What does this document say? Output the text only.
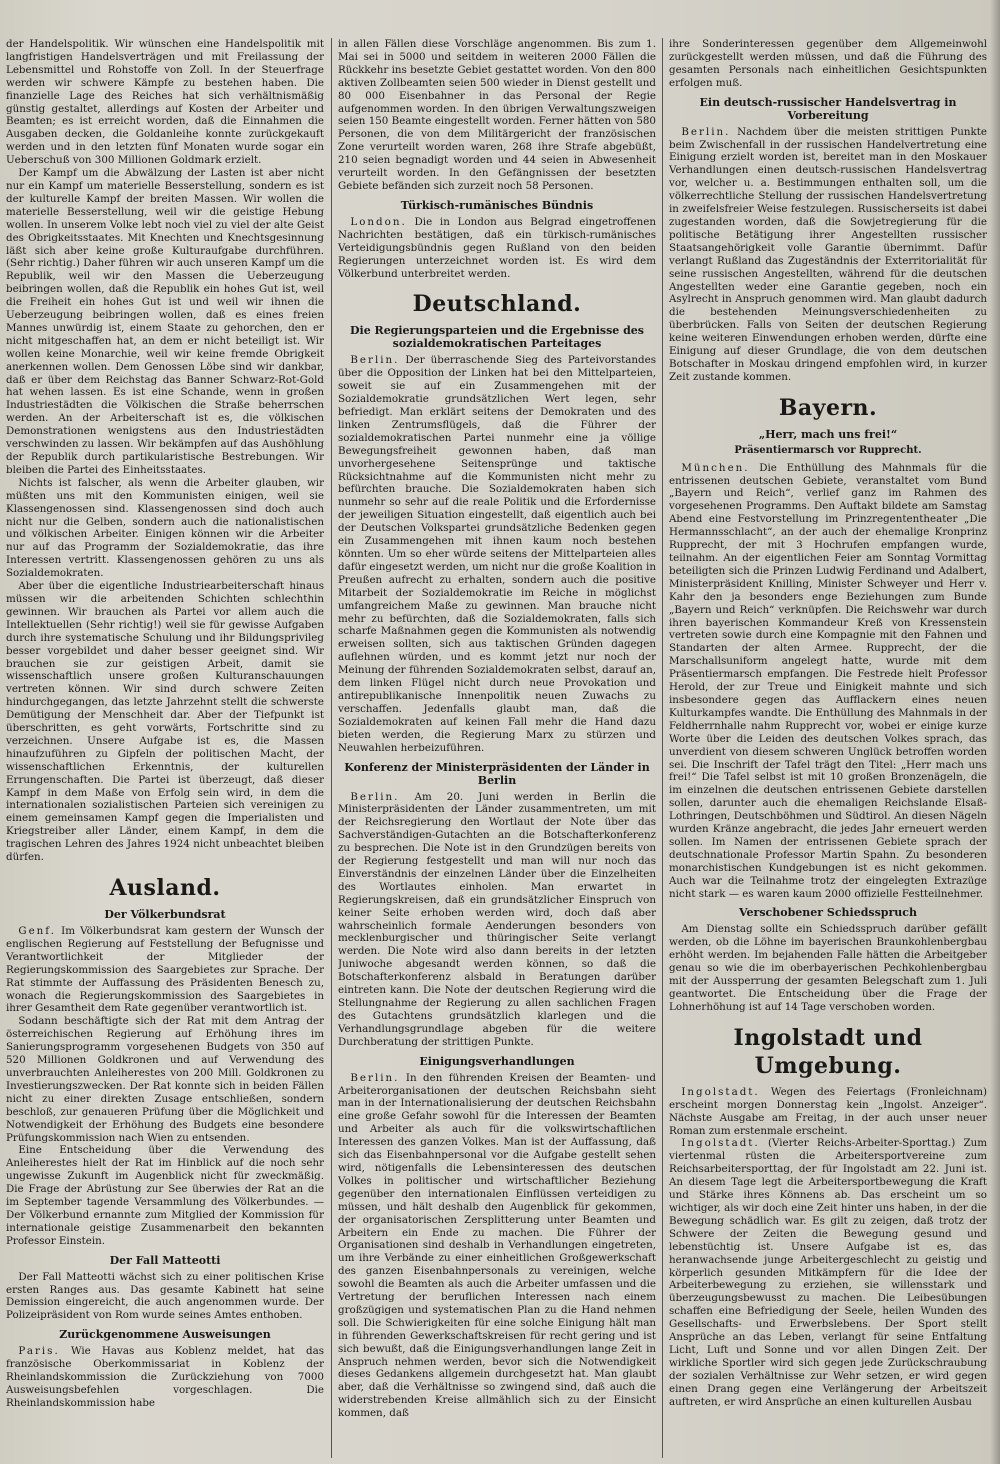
der Handelspolitik. Wir wünschen eine Handelspolitik mit langfristigen Handelsverträgen und mit Freilassung der Lebensmittel und Rohstoffe von Zoll. In der Steuerfrage werden wir schwere Kämpfe zu bestehen haben. Die finanzielle Lage des Reiches hat sich verhältnismäßig günstig gestaltet, allerdings auf Kosten der Arbeiter und Beamten; es ist erreicht worden, daß die Einnahmen die Ausgaben decken, die Goldanleihe konnte zurückgekauft werden und in den letzten fünf Monaten wurde sogar ein Ueberschuß von 300 Millionen Goldmark erzielt.

Der Kampf um die Abwälzung der Lasten ist aber nicht nur ein Kampf um materielle Besserstellung, sondern es ist der kulturelle Kampf der breiten Massen. Wir wollen die materielle Besserstellung, weil wir die geistige Hebung wollen. In unserem Volke lebt noch viel zu viel der alte Geist des Obrigkeitsstaates. Mit Knechten und Knechtsgesinnung läßt sich aber keine große Kulturaufgabe durchführen. (Sehr richtig.) Daher führen wir auch unseren Kampf um die Republik, weil wir den Massen die Ueberzeugung beibringen wollen, daß die Republik ein hohes Gut ist, weil die Freiheit ein hohes Gut ist und weil wir ihnen die Ueberzeugung beibringen wollen, daß es eines freien Mannes unwürdig ist, einem Staate zu gehorchen, den er nicht mitgeschaffen hat, an dem er nicht beteiligt ist. Wir wollen keine Monarchie, weil wir keine fremde Obrigkeit anerkennen wollen. Dem Genossen Löbe sind wir dankbar, daß er über dem Reichstag das Banner Schwarz-Rot-Gold hat wehen lassen. Es ist eine Schande, wenn in großen Industriestädten die Völkischen die Straße beherrschen werden. An der Arbeiterschaft ist es, die völkischen Demonstrationen wenigstens aus den Industriestädten verschwinden zu lassen. Wir bekämpfen auf das Aushöhlung der Republik durch partikularistische Bestrebungen. Wir bleiben die Partei des Einheitsstaates.

Nichts ist falscher, als wenn die Arbeiter glauben, wir müßten uns mit den Kommunisten einigen, weil sie Klassengenossen sind. Klassengenossen sind doch auch nicht nur die Gelben, sondern auch die nationalistischen und völkischen Arbeiter. Einigen können wir die Arbeiter nur auf das Programm der Sozialdemokratie, das ihre Interessen vertritt. Klassengenossen gehören zu uns als Sozialdemokraten.

Aber über die eigentliche Industriearbeiterschaft hinaus müssen wir die arbeitenden Schichten schlechthin gewinnen. Wir brauchen als Partei vor allem auch die Intellektuellen (Sehr richtig!) weil sie für gewisse Aufgaben durch ihre systematische Schulung und ihr Bildungsprivileg besser vorgebildet und daher besser geeignet sind. Wir brauchen sie zur geistigen Arbeit, damit sie wissenschaftlich unsere großen Kulturanschauungen vertreten können. Wir sind durch schwere Zeiten hindurchgegangen, das letzte Jahrzehnt stellt die schwerste Demütigung der Menschheit dar. Aber der Tiefpunkt ist überschritten, es geht vorwärts, Fortschritte sind zu verzeichnen. Unsere Aufgabe ist es, die Massen hinaufzuführen zu Gipfeln der politischen Macht, der wissenschaftlichen Erkenntnis, der kulturellen Errungenschaften. Die Partei ist überzeugt, daß dieser Kampf in dem Maße von Erfolg sein wird, in dem die internationalen sozialistischen Parteien sich vereinigen zu einem gemeinsamen Kampf gegen die Imperialisten und Kriegstreiber aller Länder, einem Kampf, in dem die tragischen Lehren des Jahres 1924 nicht unbeachtet bleiben dürfen.

Ausland.
Der Völkerbundsrat

Genf. Im Völkerbundsrat kam gestern der Wunsch der englischen Regierung auf Feststellung der Befugnisse und Verantwortlichkeit der Mitglieder der Regierungskommission des Saargebietes zur Sprache. Der Rat stimmte der Auffassung des Präsidenten Benesch zu, wonach die Regierungskommission des Saargebietes in ihrer Gesamtheit dem Rate gegenüber verantwortlich ist.

Sodann beschäftigte sich der Rat mit dem Antrag der österreichischen Regierung auf Erhöhung ihres im Sanierungsprogramm vorgesehenen Budgets von 350 auf 520 Millionen Goldkronen und auf Verwendung des unverbrauchten Anleiherestes von 200 Mill. Goldkronen zu Investierungszwecken. Der Rat konnte sich in beiden Fällen nicht zu einer direkten Zusage entschließen, sondern beschloß, zur genaueren Prüfung über die Möglichkeit und Notwendigkeit der Erhöhung des Budgets eine besondere Prüfungskommission nach Wien zu entsenden.

Eine Entscheidung über die Verwendung des Anleiherestes hielt der Rat im Hinblick auf die noch sehr ungewisse Zukunft im Augenblick nicht für zweckmäßig. Die Frage der Abrüstung zur See überwies der Rat an die im September tagende Versammlung des Völkerbundes. — Der Völkerbund ernannte zum Mitglied der Kommission für internationale geistige Zusammenarbeit den bekannten Professor Einstein.

Der Fall Matteotti

Der Fall Matteotti wächst sich zu einer politischen Krise ersten Ranges aus. Das gesamte Kabinett hat seine Demission eingereicht, die auch angenommen wurde. Der Polizeipräsident von Rom wurde seines Amtes enthoben.

Zurückgenommene Ausweisungen

Paris. Wie Havas aus Koblenz meldet, hat das französische Oberkommissariat in Koblenz der Rheinlandskommission die Zurückziehung von 7000 Ausweisungsbefehlen vorgeschlagen. Die Rheinlandskommission habe

in allen Fällen diese Vorschläge angenommen. Bis zum 1. Mai sei in 5000 und seitdem in weiteren 2000 Fällen die Rückkehr ins besetzte Gebiet gestattet worden. Von den 800 aktiven Zollbeamten seien 500 wieder in Dienst gestellt und 80 000 Eisenbahner in das Personal der Regie aufgenommen worden. In den übrigen Verwaltungszweigen seien 150 Beamte eingestellt worden. Ferner hätten von 580 Personen, die von dem Militärgericht der französischen Zone verurteilt worden waren, 268 ihre Strafe abgebüßt, 210 seien begnadigt worden und 44 seien in Abwesenheit verurteilt worden. In den Gefängnissen der besetzten Gebiete befänden sich zurzeit noch 58 Personen.

Türkisch-rumänisches Bündnis

London. Die in London aus Belgrad eingetroffenen Nachrichten bestätigen, daß ein türkisch-rumänisches Verteidigungsbündnis gegen Rußland von den beiden Regierungen unterzeichnet worden ist. Es wird dem Völkerbund unterbreitet werden.

Deutschland.
Die Regierungsparteien und die Ergebnisse des sozialdemokratischen Parteitages

Berlin. Der überraschende Sieg des Parteivorstandes über die Opposition der Linken hat bei den Mittelparteien, soweit sie auf ein Zusammengehen mit der Sozialdemokratie grundsätzlichen Wert legen, sehr befriedigt. Man erklärt seitens der Demokraten und des linken Zentrumsflügels, daß die Führer der sozialdemokratischen Partei nunmehr eine ja völlige Bewegungsfreiheit gewonnen haben, daß man unvorhergesehene Seitensprünge und taktische Rücksichtnahme auf die Kommunisten nicht mehr zu befürchten brauche. Die Sozialdemokraten haben sich nunmehr so sehr auf die reale Politik und die Erfordernisse der jeweiligen Situation eingestellt, daß eigentlich auch bei der Deutschen Volkspartei grundsätzliche Bedenken gegen ein Zusammengehen mit ihnen kaum noch bestehen könnten. Um so eher würde seitens der Mittelparteien alles dafür eingesetzt werden, um nicht nur die große Koalition in Preußen aufrecht zu erhalten, sondern auch die positive Mitarbeit der Sozialdemokratie im Reiche in möglichst umfangreichem Maße zu gewinnen. Man brauche nicht mehr zu befürchten, daß die Sozialdemokraten, falls sich scharfe Maßnahmen gegen die Kommunisten als notwendig erweisen sollten, sich aus taktischen Gründen dagegen auflehnen würden, und es kommt jetzt nur noch der Meinung der führenden Sozialdemokraten selbst, darauf an, dem linken Flügel nicht durch neue Provokation und antirepublikanische Innenpolitik neuen Zuwachs zu verschaffen. Jedenfalls glaubt man, daß die Sozialdemokraten auf keinen Fall mehr die Hand dazu bieten werden, die Regierung Marx zu stürzen und Neuwahlen herbeizuführen.

Konferenz der Ministerpräsidenten der Länder in Berlin

Berlin. Am 20. Juni werden in Berlin die Ministerpräsidenten der Länder zusammentreten, um mit der Reichsregierung den Wortlaut der Note über das Sachverständigen-Gutachten an die Botschafterkonferenz zu besprechen. Die Note ist in den Grundzügen bereits von der Regierung festgestellt und man will nur noch das Einverständnis der einzelnen Länder über die Einzelheiten des Wortlautes einholen. Man erwartet in Regierungskreisen, daß ein grundsätzlicher Einspruch von keiner Seite erhoben werden wird, doch daß aber wahrscheinlich formale Aenderungen besonders von mecklenburgischer und thüringischer Seite verlangt werden. Die Note wird also dann bereits in der letzten Juniwoche abgesandt werden können, so daß die Botschafterkonferenz alsbald in Beratungen darüber eintreten kann. Die Note der deutschen Regierung wird die Stellungnahme der Regierung zu allen sachlichen Fragen des Gutachtens grundsätzlich klarlegen und die Verhandlungsgrundlage abgeben für die weitere Durchberatung der strittigen Punkte.

Einigungsverhandlungen

Berlin. In den führenden Kreisen der Beamten- und Arbeiterorganisationen der deutschen Reichsbahn sieht man in der Internationalisierung der deutschen Reichsbahn eine große Gefahr sowohl für die Interessen der Beamten und Arbeiter als auch für die volkswirtschaftlichen Interessen des ganzen Volkes. Man ist der Auffassung, daß sich das Eisenbahnpersonal vor die Aufgabe gestellt sehen wird, nötigenfalls die Lebensinteressen des deutschen Volkes in politischer und wirtschaftlicher Beziehung gegenüber den internationalen Einflüssen verteidigen zu müssen, und hält deshalb den Augenblick für gekommen, der organisatorischen Zersplitterung unter Beamten und Arbeitern ein Ende zu machen. Die Führer der Organisationen sind deshalb in Verhandlungen eingetreten, um ihre Verbände zu einer einheitlichen Großgewerkschaft des ganzen Eisenbahnpersonals zu vereinigen, welche sowohl die Beamten als auch die Arbeiter umfassen und die Vertretung der beruflichen Interessen nach einem großzügigen und systematischen Plan zu die Hand nehmen soll. Die Schwierigkeiten für eine solche Einigung hält man in führenden Gewerkschaftskreisen für recht gering und ist sich bewußt, daß die Einigungsverhandlungen lange Zeit in Anspruch nehmen werden, bevor sich die Notwendigkeit dieses Gedankens allgemein durchgesetzt hat. Man glaubt aber, daß die Verhältnisse so zwingend sind, daß auch die widerstrebenden Kreise allmählich sich zu der Einsicht kommen, daß

ihre Sonderinteressen gegenüber dem Allgemeinwohl zurückgestellt werden müssen, und daß die Führung des gesamten Personals nach einheitlichen Gesichtspunkten erfolgen muß.

Ein deutsch-russischer Handelsvertrag in Vorbereitung

Berlin. Nachdem über die meisten strittigen Punkte beim Zwischenfall in der russischen Handelvertretung eine Einigung erzielt worden ist, bereitet man in den Moskauer Verhandlungen einen deutsch-russischen Handelsvertrag vor, welcher u. a. Bestimmungen enthalten soll, um die völkerrechtliche Stellung der russischen Handelsvertretung in zweifelsfreier Weise festzulegen. Russischerseits ist dabei zugestanden worden, daß die Sowjetregierung für die politische Betätigung ihrer Angestellten russischer Staatsangehörigkeit volle Garantie übernimmt. Dafür verlangt Rußland das Zugeständnis der Exterritorialität für seine russischen Angestellten, während für die deutschen Angestellten weder eine Garantie gegeben, noch ein Asylrecht in Anspruch genommen wird. Man glaubt dadurch die bestehenden Meinungsverschiedenheiten zu überbrücken. Falls von Seiten der deutschen Regierung keine weiteren Einwendungen erhoben werden, dürfte eine Einigung auf dieser Grundlage, die von dem deutschen Botschafter in Moskau dringend empfohlen wird, in kurzer Zeit zustande kommen.

Bayern.
„Herr, mach uns frei!“
Präsentiermarsch vor Rupprecht.

München. Die Enthüllung des Mahnmals für die entrissenen deutschen Gebiete, veranstaltet vom Bund „Bayern und Reich“, verlief ganz im Rahmen des vorgesehenen Programms. Den Auftakt bildete am Samstag Abend eine Festvorstellung im Prinzregententheater „Die Hermannsschlacht“, an der auch der ehemalige Kronprinz Rupprecht, der mit 3 Hochrufen empfangen wurde, teilnahm. An der eigentlichen Feier am Sonntag Vormittag beteiligten sich die Prinzen Ludwig Ferdinand und Adalbert, Ministerpräsident Knilling, Minister Schweyer und Herr v. Kahr den ja besonders enge Beziehungen zum Bunde „Bayern und Reich“ verknüpfen. Die Reichswehr war durch ihren bayerischen Kommandeur Kreß von Kressenstein vertreten sowie durch eine Kompagnie mit den Fahnen und Standarten der alten Armee. Rupprecht, der die Marschallsuniform angelegt hatte, wurde mit dem Präsentiermarsch empfangen. Die Festrede hielt Professor Herold, der zur Treue und Einigkeit mahnte und sich insbesondere gegen das Aufflackern eines neuen Kulturkampfes wandte. Die Enthüllung des Mahnmals in der Feldherrnhalle nahm Rupprecht vor, wobei er einige kurze Worte über die Leiden des deutschen Volkes sprach, das unverdient von diesem schweren Unglück betroffen worden sei. Die Inschrift der Tafel trägt den Titel: „Herr mach uns frei!“ Die Tafel selbst ist mit 10 großen Bronzenägeln, die im einzelnen die deutschen entrissenen Gebiete darstellen sollen, darunter auch die ehemaligen Reichslande Elsaß-Lothringen, Deutschböhmen und Südtirol. An diesen Nägeln wurden Kränze angebracht, die jedes Jahr erneuert werden sollen. Im Namen der entrissenen Gebiete sprach der deutschnationale Professor Martin Spahn. Zu besonderen monarchistischen Kundgebungen ist es nicht gekommen. Auch war die Teilnahme trotz der eingelegten Extrazüge nicht stark — es waren kaum 2000 offizielle Festteilnehmer.

Verschobener Schiedsspruch

Am Dienstag sollte ein Schiedsspruch darüber gefällt werden, ob die Löhne im bayerischen Braunkohlenbergbau erhöht werden. Im bejahenden Falle hätten die Arbeitgeber genau so wie die im oberbayerischen Pechkohlenbergbau mit der Aussperrung der gesamten Belegschaft zum 1. Juli geantwortet. Die Entscheidung über die Frage der Lohnerhöhung ist auf 14 Tage verschoben worden.

Ingolstadt und Umgebung.

Ingolstadt. Wegen des Feiertags (Fronleichnam) erscheint morgen Donnerstag kein „Ingolst. Anzeiger“. Nächste Ausgabe am Freitag, in der auch unser neuer Roman zum erstenmale erscheint.

Ingolstadt. (Vierter Reichs-Arbeiter-Sporttag.) Zum viertenmal rüsten die Arbeitersportvereine zum Reichsarbeitersporttag, der für Ingolstadt am 22. Juni ist. An diesem Tage legt die Arbeitersportbewegung die Kraft und Stärke ihres Könnens ab. Das erscheint um so wichtiger, als wir doch eine Zeit hinter uns haben, in der die Bewegung schädlich war. Es gilt zu zeigen, daß trotz der Schwere der Zeiten die Bewegung gesund und lebenstüchtig ist. Unsere Aufgabe ist es, das heranwachsende junge Arbeitergeschlecht zu geistig und körperlich gesunden Mitkämpfern für die Idee der Arbeiterbewegung zu erziehen, sie willensstark und überzeugungsbewusst zu machen. Die Leibesübungen schaffen eine Befriedigung der Seele, heilen Wunden des Gesellschafts- und Erwerbslebens. Der Sport stellt Ansprüche an das Leben, verlangt für seine Entfaltung Licht, Luft und Sonne und vor allen Dingen Zeit. Der wirkliche Sportler wird sich gegen jede Zurückschraubung der sozialen Verhältnisse zur Wehr setzen, er wird gegen einen Drang gegen eine Verlängerung der Arbeitszeit auftreten, er wird Ansprüche an einen kulturellen Ausbau
